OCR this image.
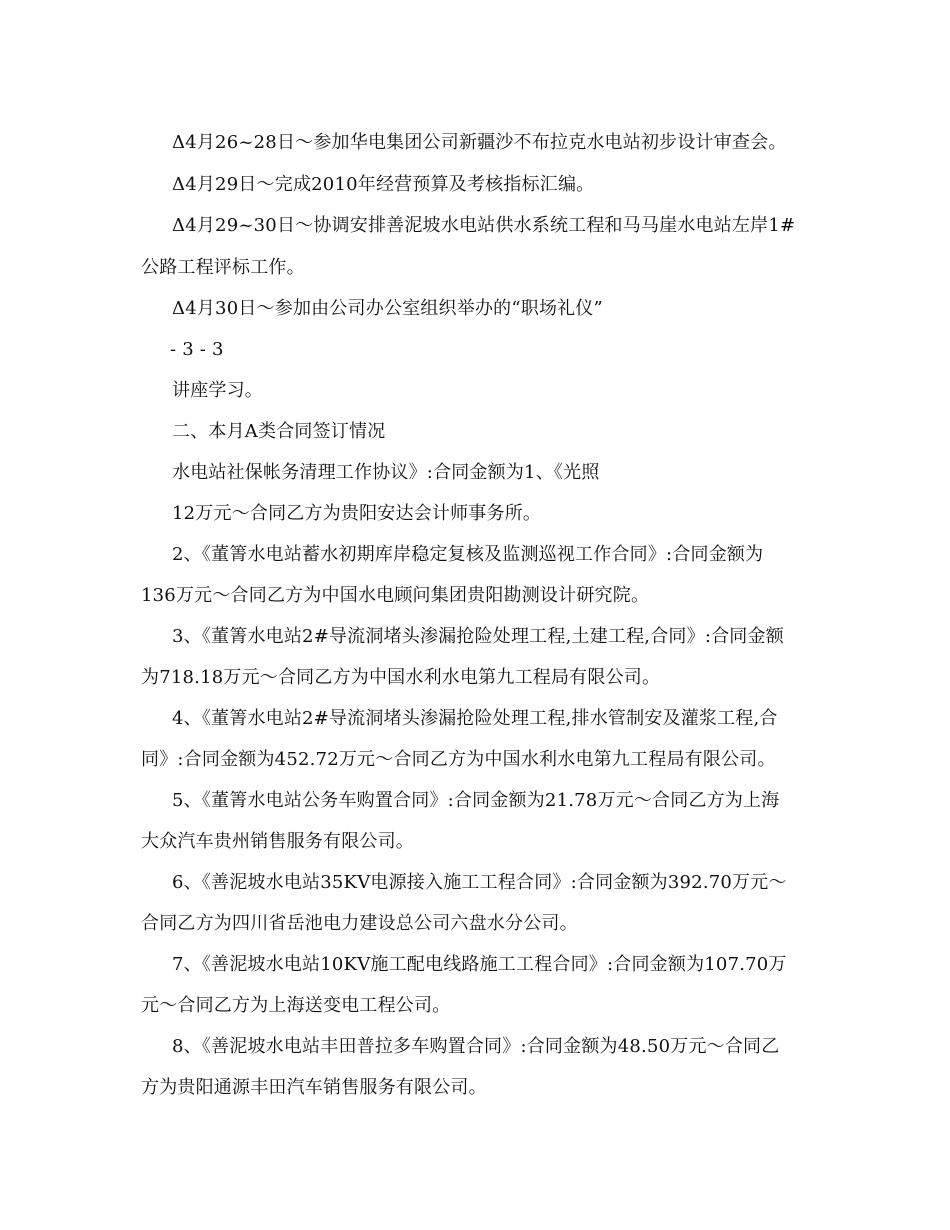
Δ4月26~28日～参加华电集团公司新疆沙不布拉克水电站初步设计审查会。
Δ4月29日～完成2010年经营预算及考核指标汇编。
Δ4月29~30日～协调安排善泥坡水电站供水系统工程和马马崖水电站左岸1#
公路工程评标工作。
Δ4月30日～参加由公司办公室组织举办的“职场礼仪”
- 3 - 3
讲座学习。
二、本月A类合同签订情况
水电站社保帐务清理工作协议》:合同金额为1、《光照
12万元～合同乙方为贵阳安达会计师事务所。
2、《董箐水电站蓄水初期库岸稳定复核及监测巡视工作合同》:合同金额为
136万元～合同乙方为中国水电顾问集团贵阳勘测设计研究院。
3、《董箐水电站2#导流洞堵头渗漏抢险处理工程,土建工程,合同》:合同金额
为718.18万元～合同乙方为中国水利水电第九工程局有限公司。
4、《董箐水电站2#导流洞堵头渗漏抢险处理工程,排水管制安及灌浆工程,合
同》:合同金额为452.72万元～合同乙方为中国水利水电第九工程局有限公司。
5、《董箐水电站公务车购置合同》:合同金额为21.78万元～合同乙方为上海
大众汽车贵州销售服务有限公司。
6、《善泥坡水电站35KV电源接入施工工程合同》:合同金额为392.70万元～
合同乙方为四川省岳池电力建设总公司六盘水分公司。
7、《善泥坡水电站10KV施工配电线路施工工程合同》:合同金额为107.70万
元～合同乙方为上海送变电工程公司。
8、《善泥坡水电站丰田普拉多车购置合同》:合同金额为48.50万元～合同乙
方为贵阳通源丰田汽车销售服务有限公司。
